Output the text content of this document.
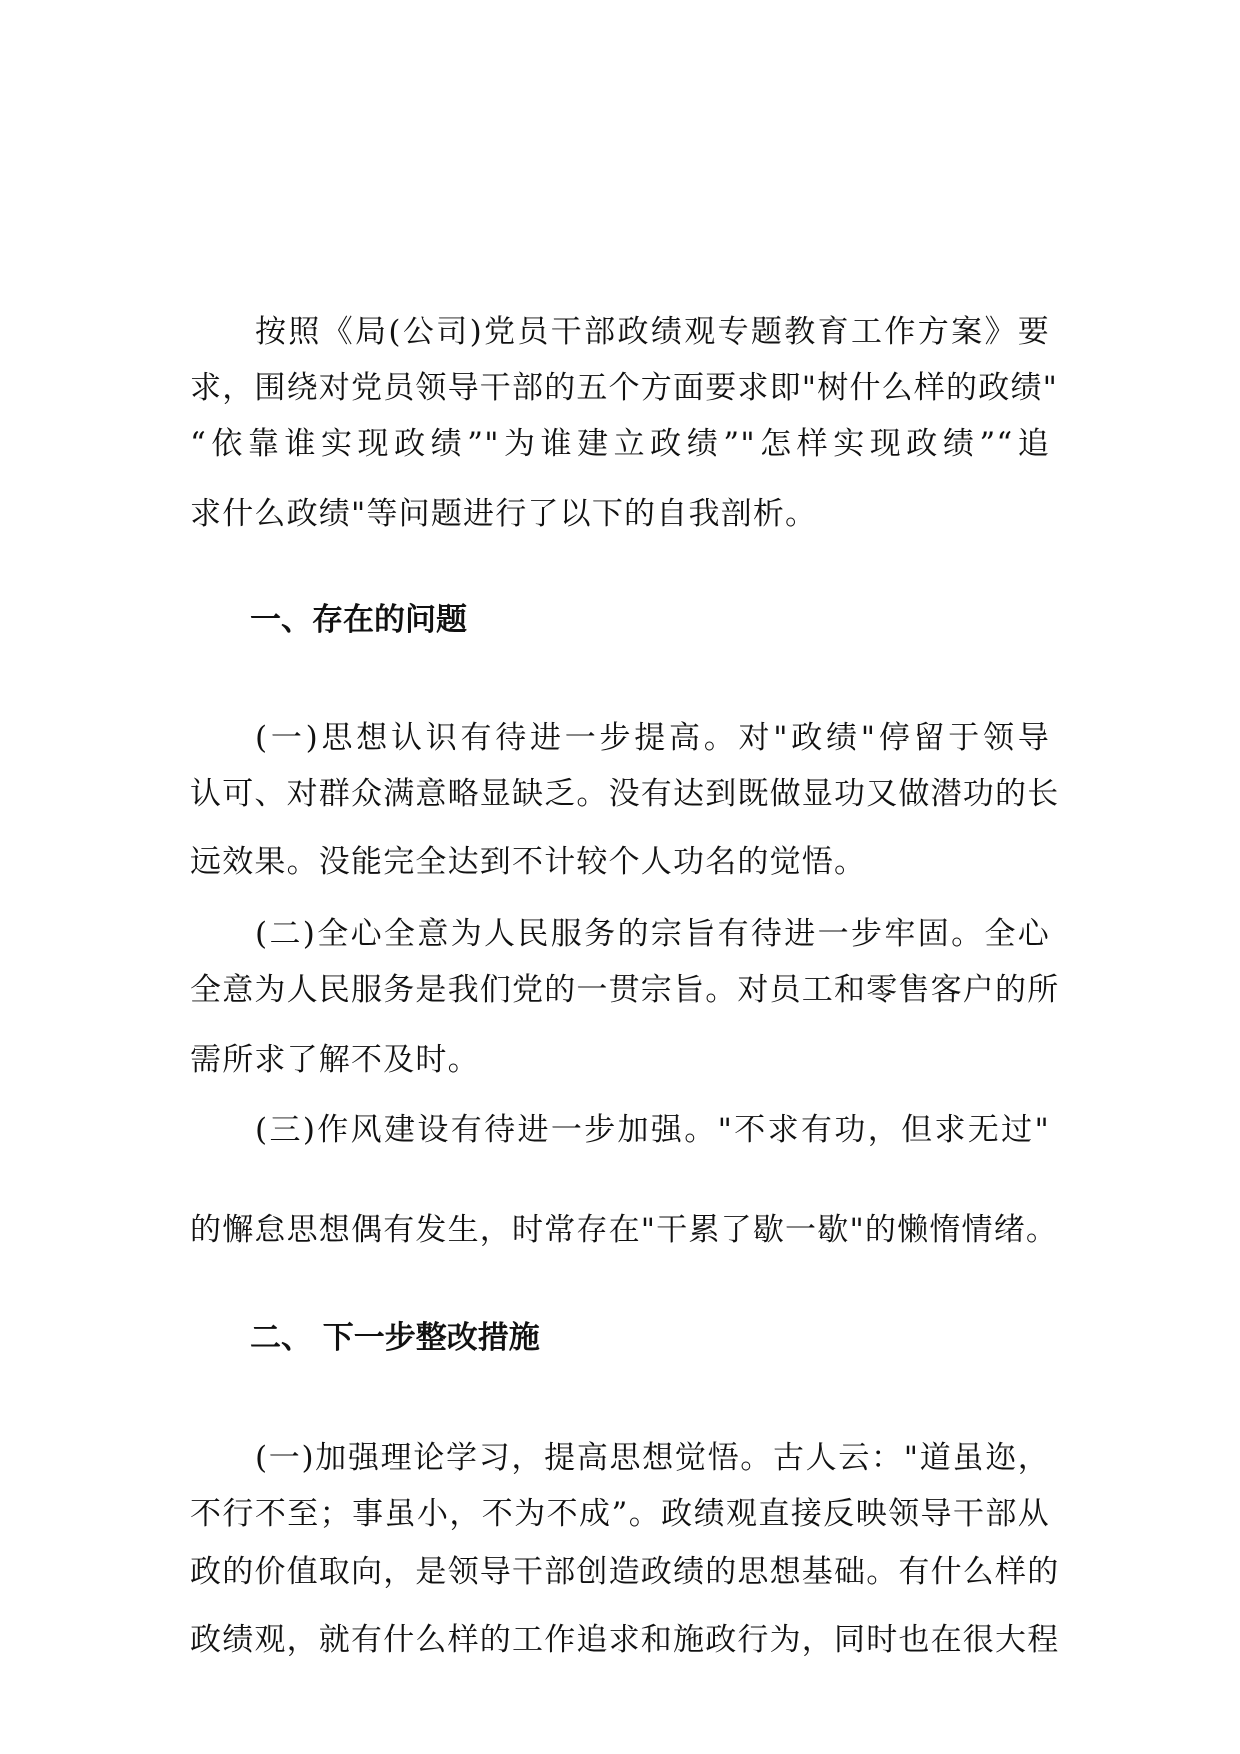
按照《局(公司)党员干部政绩观专题教育工作方案》要
求，围绕对党员领导干部的五个方面要求即"树什么样的政绩"
“依靠谁实现政绩”"为谁建立政绩”"怎样实现政绩”“追
求什么政绩"等问题进行了以下的自我剖析。
一、存在的问题
(一)思想认识有待进一步提高。对"政绩"停留于领导
认可、对群众满意略显缺乏。没有达到既做显功又做潜功的长
远效果。没能完全达到不计较个人功名的觉悟。
(二)全心全意为人民服务的宗旨有待进一步牢固。全心
全意为人民服务是我们党的一贯宗旨。对员工和零售客户的所
需所求了解不及时。
(三)作风建设有待进一步加强。"不求有功，但求无过"
的懈怠思想偶有发生，时常存在"干累了歇一歇"的懒惰情绪。
二、 下一步整改措施
(一)加强理论学习，提高思想觉悟。古人云："道虽迩，
不行不至；事虽小，不为不成”。政绩观直接反映领导干部从
政的价值取向，是领导干部创造政绩的思想基础。有什么样的
政绩观，就有什么样的工作追求和施政行为，同时也在很大程
